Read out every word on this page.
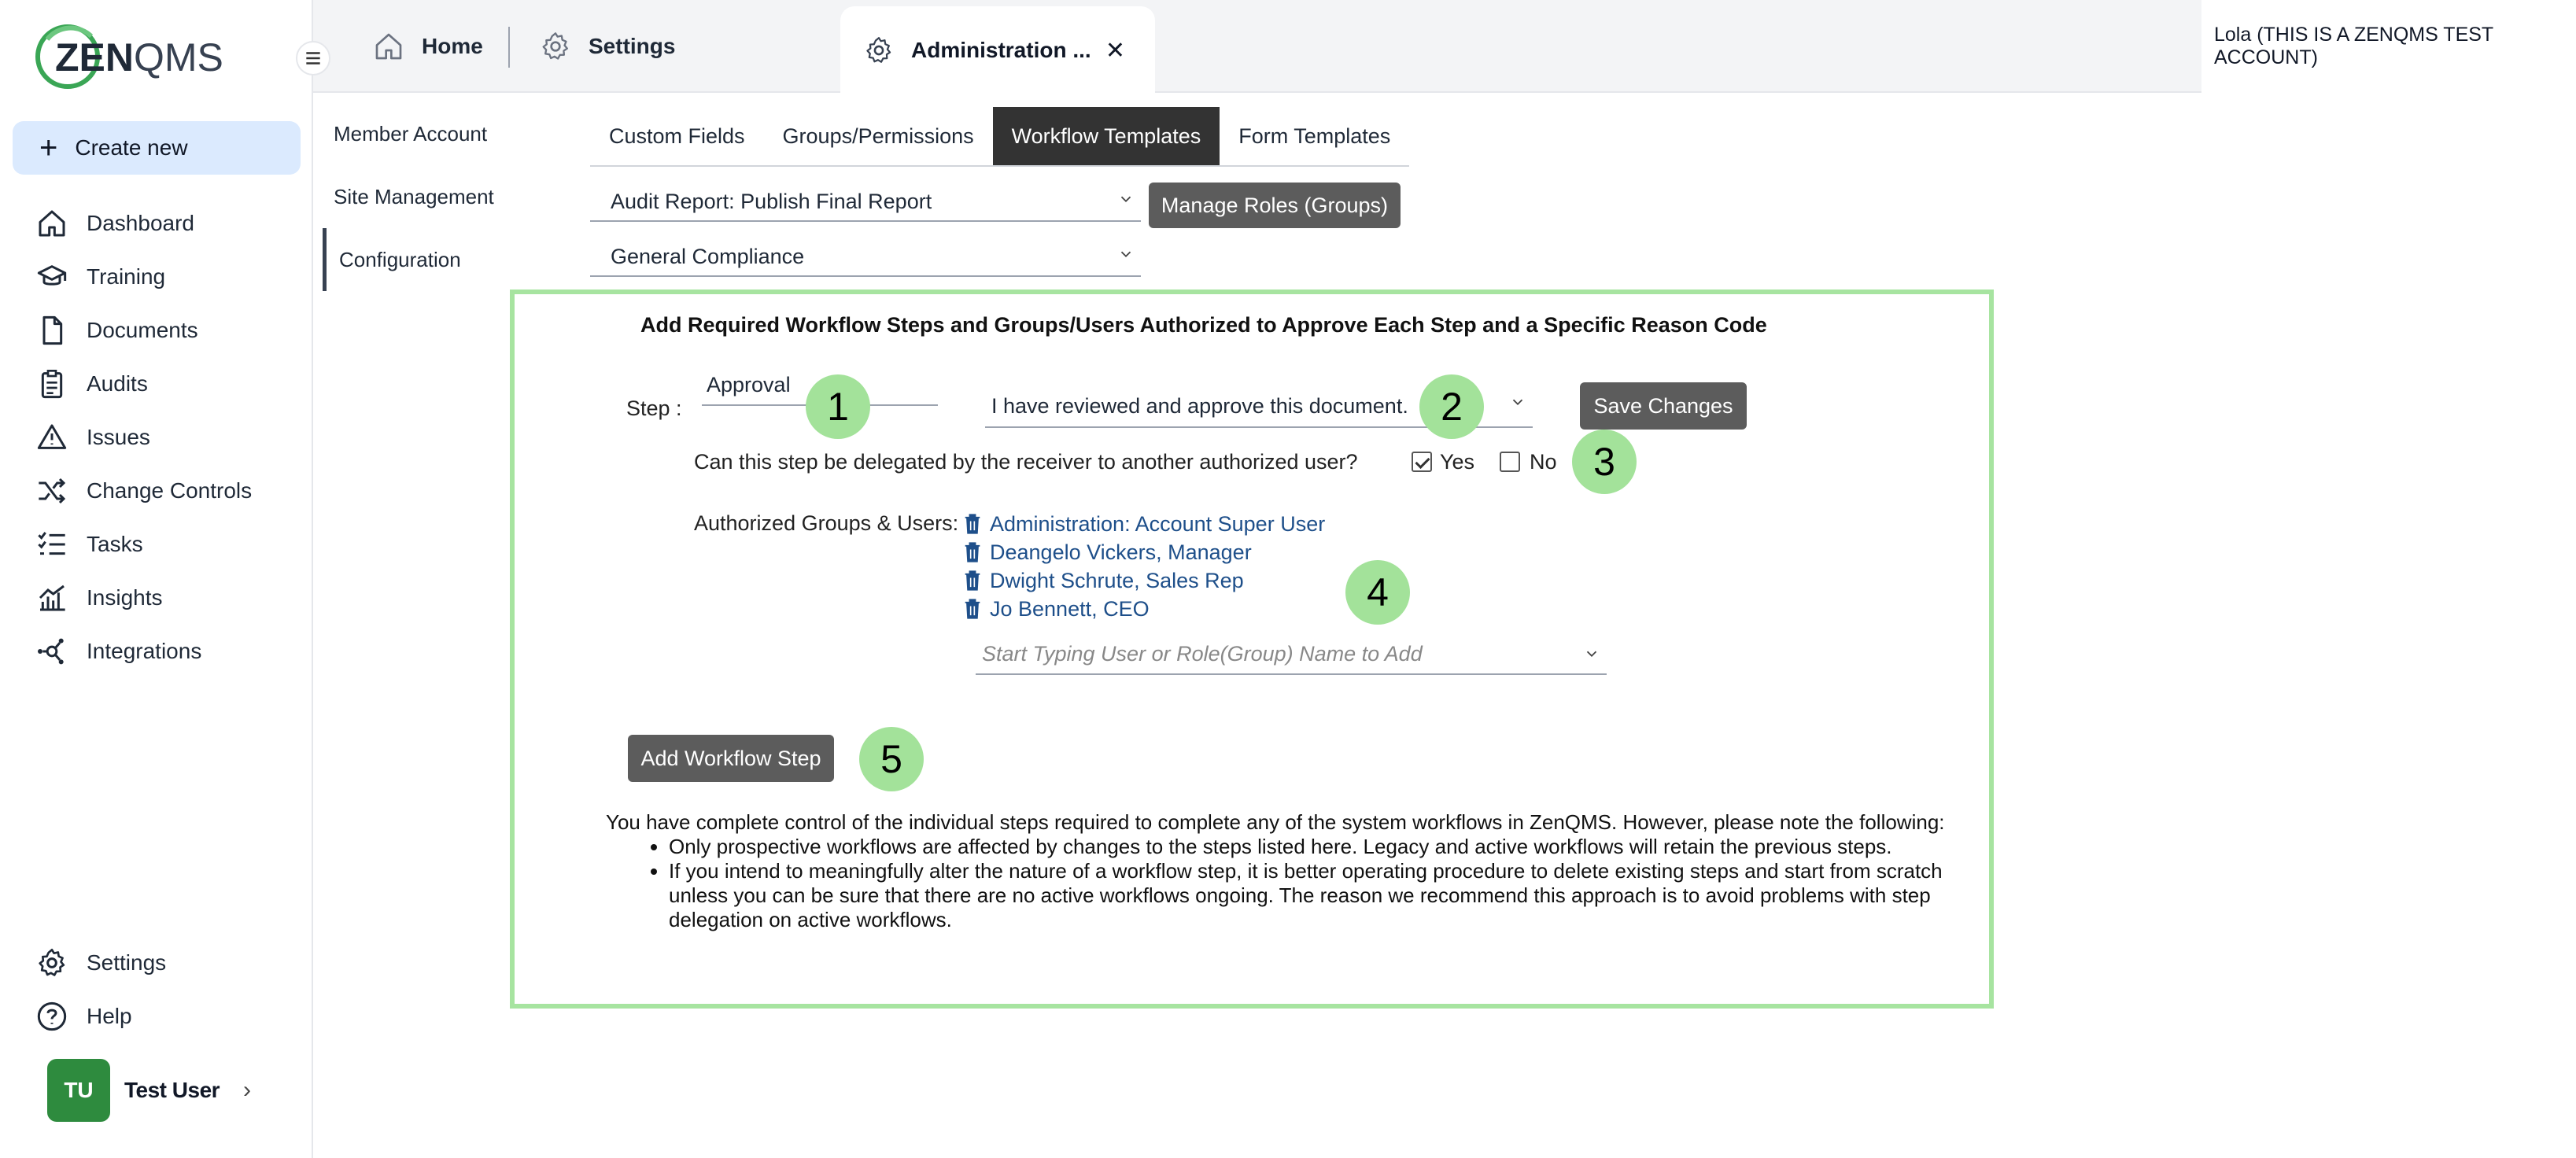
ZEN QMS
+ Create new
Dashboard
Training
Documents
Audits
Issues
Change Controls
Tasks
Insights
Integrations
Settings
Help
TU	Test User ›
Home	Settings	Administration ... ✕
Lola (THIS IS A ZENQMS TEST ACCOUNT)
Member Account
Site Management
Configuration
Custom Fields	Groups/Permissions	Workflow Templates	Form Templates
Audit Report: Publish Final Report	Manage Roles (Groups)
General Compliance
Add Required Workflow Steps and Groups/Users Authorized to Approve Each Step and a Specific Reason Code
Step :
Approval
1	I have reviewed and approve this document. 2	Save Changes
Can this step be delegated by the receiver to another authorized user?	Yes	No 3
Authorized Groups & Users: Administration: Account Super User
Deangelo Vickers, Manager
Dwight Schrute, Sales Rep
Jo Bennett, CEO	4
Start Typing User or Role(Group) Name to Add
Add Workflow Step	5

You have complete control of the individual steps required to complete any of the system workflows in ZenQMS. However, please note the following:

• Only prospective workflows are affected by changes to the steps listed here. Legacy and active workflows will retain the previous steps.
• If you intend to meaningfully alter the nature of a workflow step, it is better operating procedure to delete existing steps and start from scratch unless you can be sure that there are no active workflows ongoing. The reason we recommend this approach is to avoid problems with step delegation on active workflows.
